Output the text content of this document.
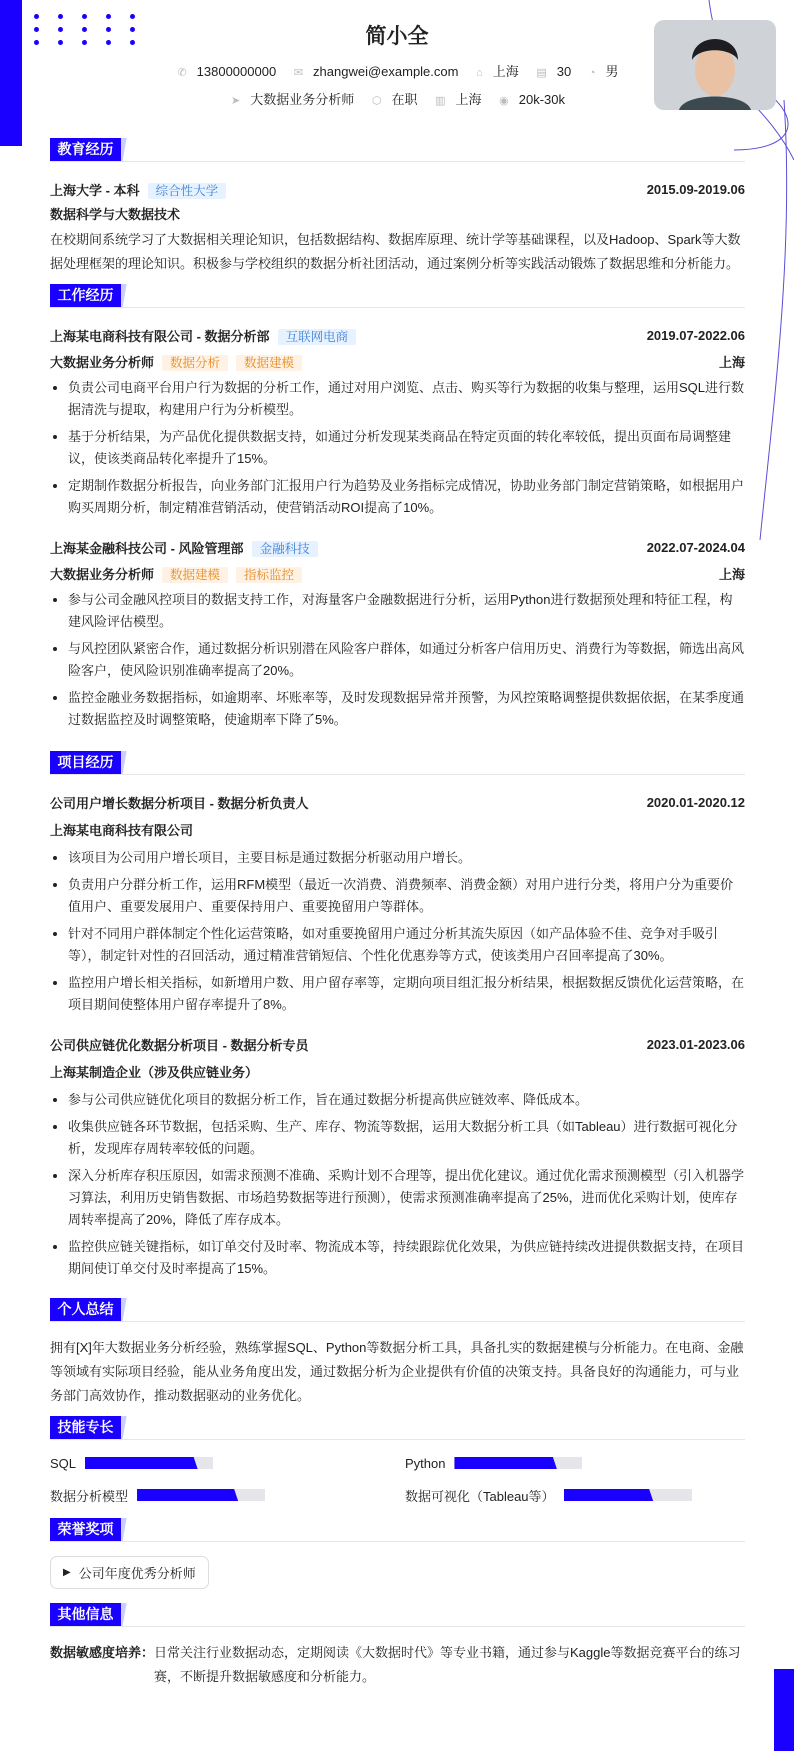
简小全
✆ 13800000000 ✉ zhangwei@example.com ⌂ 上海 ▤ 30 ◔ 男
➤ 大数据业务分析师 ⬡ 在职 ▥ 上海 ◉ 20k-30k
教育经历
上海大学 - 本科 综合性大学	2015.09-2019.06
数据科学与大数据技术

在校期间系统学习了大数据相关理论知识，包括数据结构、数据库原理、统计学等基础课程，以及Hadoop、Spark等大数据处理框架的理论知识。积极参与学校组织的数据分析社团活动，通过案例分析等实践活动锻炼了数据思维和分析能力。

工作经历
上海某电商科技有限公司 - 数据分析部 互联网电商	2019.07-2022.06
大数据业务分析师 数据分析 数据建模	上海
负责公司电商平台用户行为数据的分析工作，通过对用户浏览、点击、购买等行为数据的收集与整理，运用SQL进行数据清洗与提取，构建用户行为分析模型。
基于分析结果，为产品优化提供数据支持，如通过分析发现某类商品在特定页面的转化率较低，提出页面布局调整建议，使该类商品转化率提升了15%。
定期制作数据分析报告，向业务部门汇报用户行为趋势及业务指标完成情况，协助业务部门制定营销策略，如根据用户购买周期分析，制定精准营销活动，使营销活动ROI提高了10%。
上海某金融科技公司 - 风险管理部 金融科技	2022.07-2024.04
大数据业务分析师 数据建模 指标监控	上海
参与公司金融风控项目的数据支持工作，对海量客户金融数据进行分析，运用Python进行数据预处理和特征工程，构建风险评估模型。
与风控团队紧密合作，通过数据分析识别潜在风险客户群体，如通过分析客户信用历史、消费行为等数据，筛选出高风险客户，使风险识别准确率提高了20%。
监控金融业务数据指标，如逾期率、坏账率等，及时发现数据异常并预警，为风控策略调整提供数据依据，在某季度通过数据监控及时调整策略，使逾期率下降了5%。
项目经历
公司用户增长数据分析项目 - 数据分析负责人	2020.01-2020.12
上海某电商科技有限公司
该项目为公司用户增长项目，主要目标是通过数据分析驱动用户增长。
负责用户分群分析工作，运用RFM模型（最近一次消费、消费频率、消费金额）对用户进行分类，将用户分为重要价值用户、重要发展用户、重要保持用户、重要挽留用户等群体。
针对不同用户群体制定个性化运营策略，如对重要挽留用户通过分析其流失原因（如产品体验不佳、竞争对手吸引等），制定针对性的召回活动，通过精准营销短信、个性化优惠券等方式，使该类用户召回率提高了30%。
监控用户增长相关指标，如新增用户数、用户留存率等，定期向项目组汇报分析结果，根据数据反馈优化运营策略，在项目期间使整体用户留存率提升了8%。
公司供应链优化数据分析项目 - 数据分析专员	2023.01-2023.06
上海某制造企业（涉及供应链业务）
参与公司供应链优化项目的数据分析工作，旨在通过数据分析提高供应链效率、降低成本。
收集供应链各环节数据，包括采购、生产、库存、物流等数据，运用大数据分析工具（如Tableau）进行数据可视化分析，发现库存周转率较低的问题。
深入分析库存积压原因，如需求预测不准确、采购计划不合理等，提出优化建议。通过优化需求预测模型（引入机器学习算法，利用历史销售数据、市场趋势数据等进行预测），使需求预测准确率提高了25%，进而优化采购计划，使库存周转率提高了20%，降低了库存成本。
监控供应链关键指标，如订单交付及时率、物流成本等，持续跟踪优化效果，为供应链持续改进提供数据支持，在项目期间使订单交付及时率提高了15%。
个人总结

拥有[X]年大数据业务分析经验，熟练掌握SQL、Python等数据分析工具，具备扎实的数据建模与分析能力。在电商、金融等领域有实际项目经验，能从业务角度出发，通过数据分析为企业提供有价值的决策支持。具备良好的沟通能力，可与业务部门高效协作，推动数据驱动的业务优化。

技能专长
SQL	Python
数据分析模型	数据可视化（Tableau等）
荣誉奖项
▶ 公司年度优秀分析师
其他信息
数据敏感度培养： 日常关注行业数据动态，定期阅读《大数据时代》等专业书籍，通过参与Kaggle等数据竞赛平台的练习赛，不断提升数据敏感度和分析能力。
